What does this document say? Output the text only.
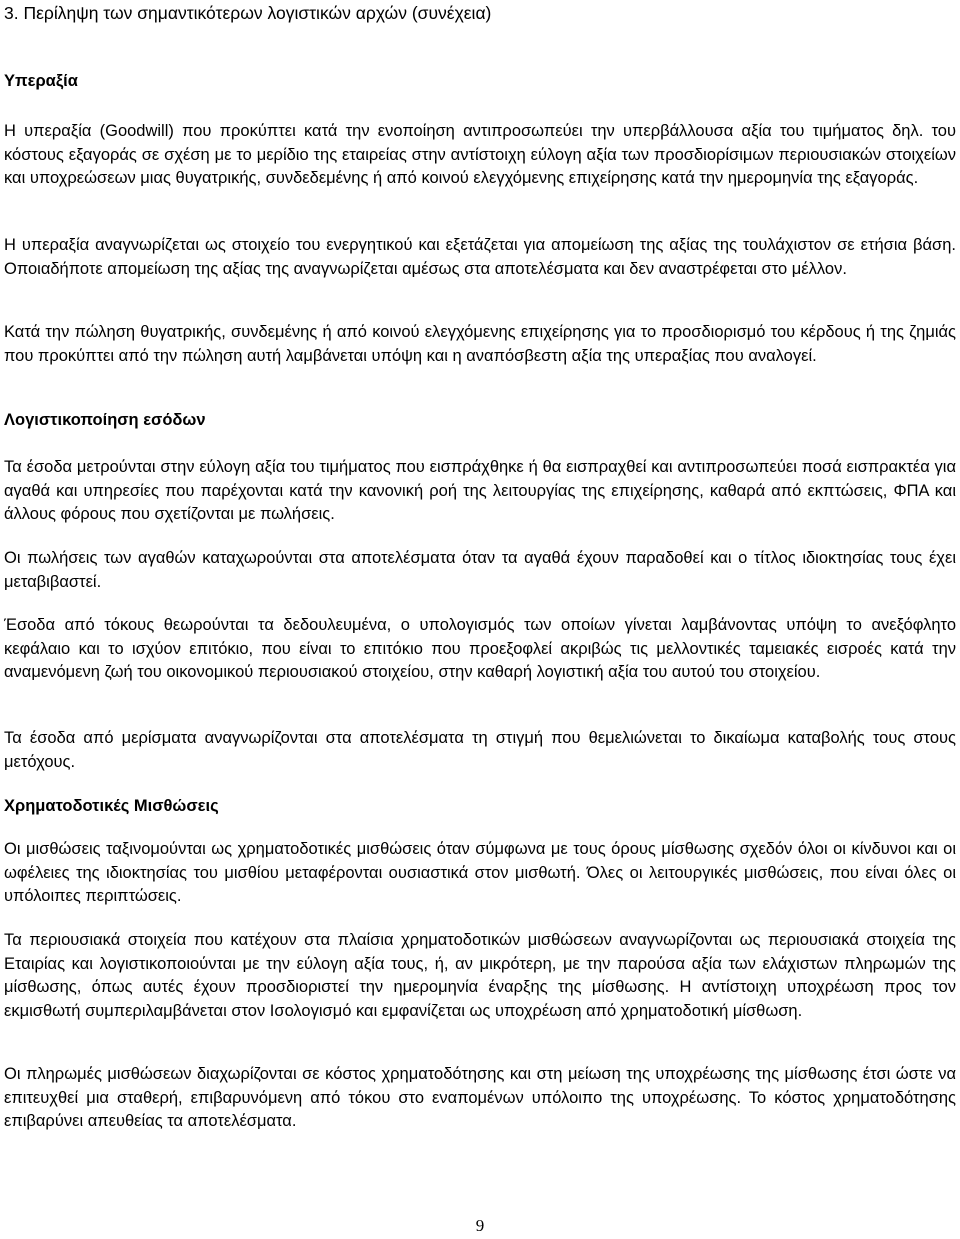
3. Περίληψη των σημαντικότερων λογιστικών αρχών (συνέχεια)
Υπεραξία

Η υπεραξία (Goodwill) που προκύπτει κατά την ενοποίηση αντιπροσωπεύει την υπερβάλλουσα αξία του τιμήματος δηλ. του κόστους εξαγοράς σε σχέση με το μερίδιο της εταιρείας στην αντίστοιχη εύλογη αξία των προσδιορίσιμων περιουσιακών στοιχείων και υποχρεώσεων μιας θυγατρικής, συνδεδεμένης ή από κοινού ελεγχόμενης επιχείρησης κατά την ημερομηνία της εξαγοράς.

Η υπεραξία αναγνωρίζεται ως στοιχείο του ενεργητικού και εξετάζεται για απομείωση της αξίας της τουλάχιστον σε ετήσια βάση. Οποιαδήποτε απομείωση της αξίας της αναγνωρίζεται αμέσως στα αποτελέσματα και δεν αναστρέφεται στο μέλλον.

Κατά την πώληση θυγατρικής, συνδεμένης ή από κοινού ελεγχόμενης επιχείρησης για το προσδιορισμό του κέρδους ή της ζημιάς που προκύπτει από την πώληση αυτή λαμβάνεται υπόψη και η αναπόσβεστη αξία της υπεραξίας που αναλογεί.

Λογιστικοποίηση εσόδων

Τα έσοδα μετρούνται στην εύλογη αξία του τιμήματος που εισπράχθηκε ή θα εισπραχθεί και αντιπροσωπεύει ποσά εισπρακτέα για αγαθά και υπηρεσίες που παρέχονται κατά την κανονική ροή της λειτουργίας της επιχείρησης, καθαρά από εκπτώσεις, ΦΠΑ και άλλους φόρους που σχετίζονται με πωλήσεις.

Οι πωλήσεις των αγαθών καταχωρούνται στα αποτελέσματα όταν τα αγαθά έχουν παραδοθεί και ο τίτλος ιδιοκτησίας τους έχει μεταβιβαστεί.

Έσοδα από τόκους θεωρούνται τα δεδουλευμένα, ο υπολογισμός των οποίων γίνεται λαμβάνοντας υπόψη το ανεξόφλητο κεφάλαιο και το ισχύον επιτόκιο, που είναι το επιτόκιο που προεξοφλεί ακριβώς τις μελλοντικές ταμειακές εισροές κατά την αναμενόμενη ζωή του οικονομικού περιουσιακού στοιχείου, στην καθαρή λογιστική αξία του αυτού του στοιχείου.

Τα έσοδα από μερίσματα αναγνωρίζονται στα αποτελέσματα τη στιγμή που θεμελιώνεται το δικαίωμα καταβολής τους στους μετόχους.

Χρηματοδοτικές Μισθώσεις

Οι μισθώσεις ταξινομούνται ως χρηματοδοτικές μισθώσεις όταν σύμφωνα με τους όρους μίσθωσης σχεδόν όλοι οι κίνδυνοι και οι ωφέλειες της ιδιοκτησίας του μισθίου μεταφέρονται ουσιαστικά στον μισθωτή. Όλες οι λειτουργικές μισθώσεις, που είναι όλες οι υπόλοιπες περιπτώσεις.

Τα περιουσιακά στοιχεία που κατέχουν στα πλαίσια χρηματοδοτικών μισθώσεων αναγνωρίζονται ως περιουσιακά στοιχεία της Εταιρίας και λογιστικοποιούνται με την εύλογη αξία τους, ή, αν μικρότερη, με την παρούσα αξία των ελάχιστων πληρωμών της μίσθωσης, όπως αυτές έχουν προσδιοριστεί την ημερομηνία έναρξης της μίσθωσης. Η αντίστοιχη υποχρέωση προς τον εκμισθωτή συμπεριλαμβάνεται στον Ισολογισμό και εμφανίζεται ως υποχρέωση από χρηματοδοτική μίσθωση.

Οι πληρωμές μισθώσεων διαχωρίζονται σε κόστος χρηματοδότησης και στη μείωση της υποχρέωσης της μίσθωσης έτσι ώστε να επιτευχθεί μια σταθερή, επιβαρυνόμενη από τόκου στο εναπομένων υπόλοιπο της υποχρέωσης. Το κόστος χρηματοδότησης επιβαρύνει απευθείας τα αποτελέσματα.

9
